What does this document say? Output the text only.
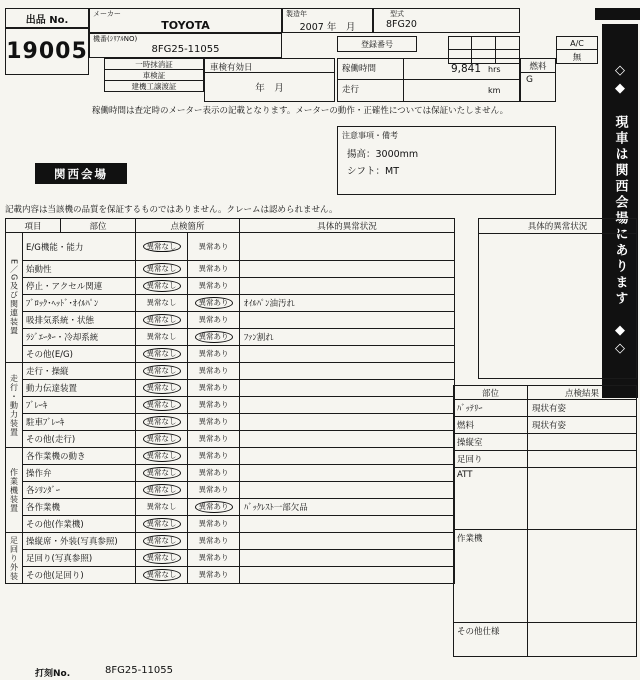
出品 No.
19005
メーカー
TOYOTA
製造年
2007 年　月
型式
8FG20
機番(ｼﾘｱﾙNO)
8FG25-11055
登録番号	A/C
無
一時抹消証
車検証
建機工譲渡証
車検有効日
年　月
稼働時間	9,841 hrs
走行	km
燃料
G
稼働時間は査定時のメーター表示の記載となります。メーターの動作・正確性については保証いたしません。
注意事項・備考
揚高：3000mm
シフト：MT
関西会場	◇◆　現車は関西会場にあります　◆◇
記載内容は当該機の品質を保証するものではありません。クレームは認められません。
項目	部位	点検箇所	具体的異常状況
E／G及び関連装置
E/G機能・能力	異常なし	異常あり
始動性	異常なし	異常あり
停止・アクセル関連	異常なし	異常あり
ﾌﾞﾛｯｸ･ﾍｯﾄﾞ･ｵｲﾙﾊﾟﾝ	異常なし	異常あり	ｵｲﾙﾊﾟﾝ油汚れ
吸排気系統・状態	異常なし	異常あり
ﾗｼﾞｴｰﾀｰ・冷却系統	異常なし	異常あり	ﾌｧﾝ割れ
その他(E/G)	異常なし	異常あり
走行・動力装置
走行・操縦	異常なし	異常あり
動力伝達装置	異常なし	異常あり
ﾌﾞﾚｰｷ	異常なし	異常あり
駐車ﾌﾞﾚｰｷ	異常なし	異常あり
その他(走行)	異常なし	異常あり
作業機装置
各作業機の動き	異常なし	異常あり
操作弁	異常なし	異常あり
各ｼﾘﾝﾀﾞｰ	異常なし	異常あり
各作業機	異常なし	異常あり	ﾊﾞｯｸﾚｽﾄ一部欠品
その他(作業機)	異常なし	異常あり
足回り外装 操縦席・外装(写真参照)	異常なし	異常あり
足回り(写真参照)	異常なし	異常あり
その他(足回り)	異常なし	異常あり
具体的異常状況
部位	点検結果
ﾊﾞｯﾃﾘｰ	現状有姿
燃料	現状有姿
操縦室
足回り
ATT
作業機
その他仕様
打刻No.	8FG25-11055
